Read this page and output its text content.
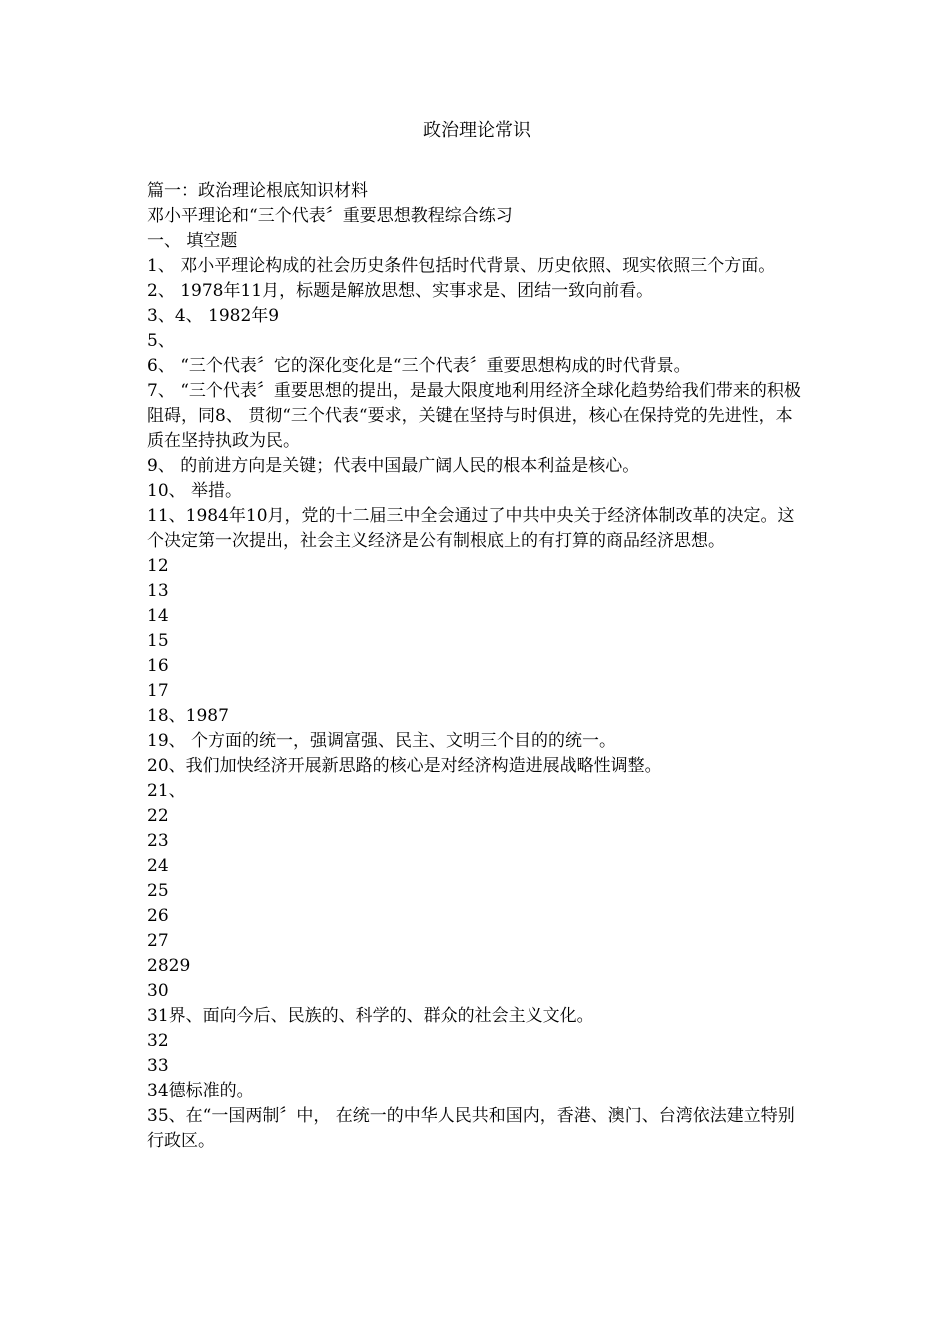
政治理论常识

篇一：政治理论根底知识材料

邓小平理论和“三个代表〞重要思想教程综合练习

一、 填空题

1、 邓小平理论构成的社会历史条件包括时代背景、历史依照、现实依照三个方面。

2、 1978年11月，标题是解放思想、实事求是、团结一致向前看。

3、4、 1982年9

5、

6、 “三个代表〞它的深化变化是“三个代表〞重要思想构成的时代背景。

7、 “三个代表〞重要思想的提出，是最大限度地利用经济全球化趋势给我们带来的积极阻碍，同8、 贯彻“三个代表“要求，关键在坚持与时俱进，核心在保持党的先进性，本质在坚持执政为民。

9、 的前进方向是关键；代表中国最广阔人民的根本利益是核心。

10、 举措。

11、1984年10月，党的十二届三中全会通过了中共中央关于经济体制改革的决定。这个决定第一次提出，社会主义经济是公有制根底上的有打算的商品经济思想。

12

13

14

15

16

17

18、1987

19、 个方面的统一，强调富强、民主、文明三个目的的统一。

20、我们加快经济开展新思路的核心是对经济构造进展战略性调整。

21、

22

23

24

25

26

27

2829

30

31界、面向今后、民族的、科学的、群众的社会主义文化。

32

33

34德标准的。

35、在“一国两制〞中， 在统一的中华人民共和国内，香港、澳门、台湾依法建立特别行政区。
